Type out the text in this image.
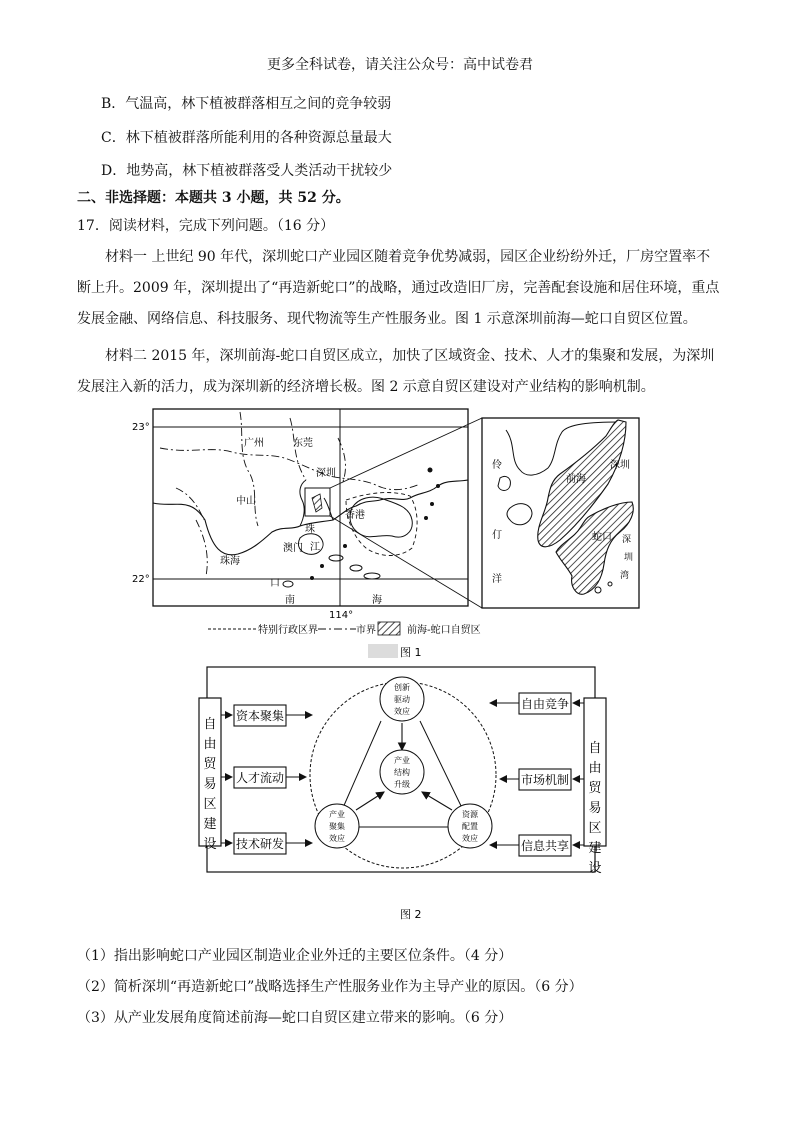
更多全科试卷，请关注公众号：高中试卷君
B．气温高，林下植被群落相互之间的竞争较弱
C．林下植被群落所能利用的各种资源总量最大
D．地势高，林下植被群落受人类活动干扰较少
二、非选择题：本题共 3 小题，共 52 分。
17．阅读材料，完成下列问题。（16 分）
材料一 上世纪 90 年代，深圳蛇口产业园区随着竞争优势减弱，园区企业纷纷外迁，厂房空置率不断上升。2009 年，深圳提出了“再造新蛇口”的战略，通过改造旧厂房，完善配套设施和居住环境，重点发展金融、网络信息、科技服务、现代物流等生产性服务业。图 1 示意深圳前海—蛇口自贸区位置。
材料二 2015 年，深圳前海-蛇口自贸区成立，加快了区域资金、技术、人才的集聚和发展，为深圳发展注入新的活力，成为深圳新的经济增长极。图 2 示意自贸区建设对产业结构的影响机制。
23°
22°
114°
广州	东莞
深圳
中山
珠
香港
澳门 江
珠海
口
南	海
伶
仃
洋
前海
深圳
蛇口 深
圳
湾
特别行政区界	市界	前海-蛇口自贸区
图 1
自
由
贸
易
区
建
设
自
由
贸
易
区
建
设
资本聚集
人才流动
技术研发
自由竞争
市场机制
信息共享
创新
驱动
效应
产业
结构
升级
产业
聚集
效应
资源
配置
效应
图 2
（1）指出影响蛇口产业园区制造业企业外迁的主要区位条件。（4 分）
（2）简析深圳“再造新蛇口”战略选择生产性服务业作为主导产业的原因。（6 分）
（3）从产业发展角度简述前海—蛇口自贸区建立带来的影响。（6 分）
